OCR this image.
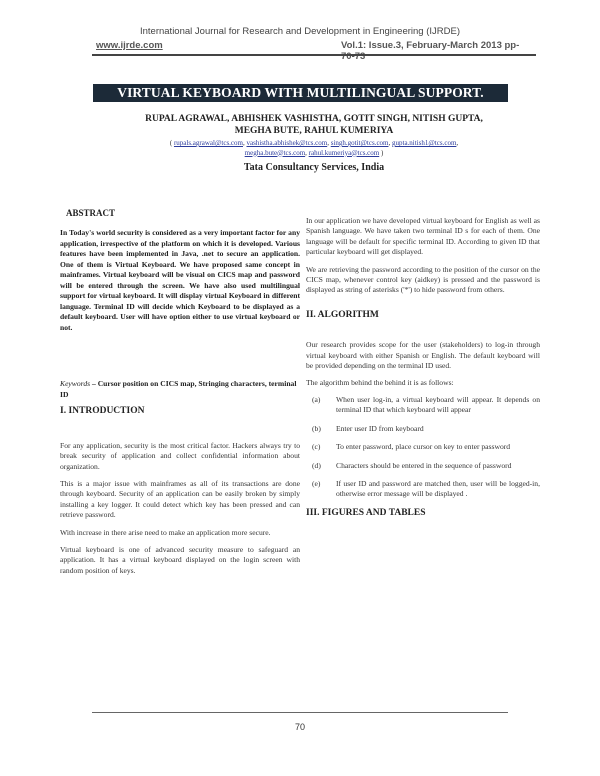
International Journal for Research and Development in Engineering (IJRDE)
www.ijrde.com	Vol.1: Issue.3, February-March 2013 pp- 70-73
VIRTUAL KEYBOARD WITH MULTILINGUAL SUPPORT.
RUPAL AGRAWAL, ABHISHEK VASHISTHA, GOTIT SINGH, NITISH GUPTA,
MEGHA BUTE, RAHUL KUMERIYA
( rupals.agrawal@tcs.com, vashistha.abhishek@tcs.com, singh.gotit@tcs.com, gupta.nitish1@tcs.com,
megha.bute@tcs.com, rahul.kumeriya@tcs.com )
Tata Consultancy Services, India
ABSTRACT

In Today's world security is considered as a very important factor for any application, irrespective of the platform on which it is developed. Various features have been implemented in Java, .net to secure an application. One of them is Virtual Keyboard. We have proposed same concept in mainframes. Virtual keyboard will be visual on CICS map and password will be entered through the screen. We have also used multilingual support for virtual keyboard. It will display virtual Keyboard in different language. Terminal ID will decide which Keyboard to be displayed as a default keyboard. User will have option either to use virtual keyboard or not.

Keywords – Cursor position on CICS map, Stringing characters, terminal ID
I. INTRODUCTION

For any application, security is the most critical factor. Hackers always try to break security of application and collect confidential information about organization.

This is a major issue with mainframes as all of its transactions are done through keyboard. Security of an application can be easily broken by simply installing a key logger. It could detect which key has been pressed and can retrieve password.

With increase in there arise need to make an application more secure.

Virtual keyboard is one of advanced security measure to safeguard an application. It has a virtual keyboard displayed on the login screen with random position of keys.

In our application we have developed virtual keyboard for English as well as Spanish language. We have taken two terminal ID s for each of them. One language will be default for specific terminal ID. According to given ID that particular keyboard will get displayed.

We are retrieving the password according to the position of the cursor on the CICS map, whenever control key (aidkey) is pressed and the password is displayed as string of asterisks ('*') to hide password from others.

II. ALGORITHM

Our research provides scope for the user (stakeholders) to log-in through virtual keyboard with either Spanish or English. The default keyboard will be provided depending on the terminal ID used.

The algorithm behind the behind it is as follows:

(a)	When user log-in, a virtual keyboard will appear. It depends on terminal ID that which keyboard will appear
(b)	Enter user ID from keyboard
(c)	To enter password, place cursor on key to enter password
(d)	Characters should be entered in the sequence of password
(e)	If user ID and password are matched then, user will be logged-in, otherwise error message will be displayed .
III. FIGURES AND TABLES
70
